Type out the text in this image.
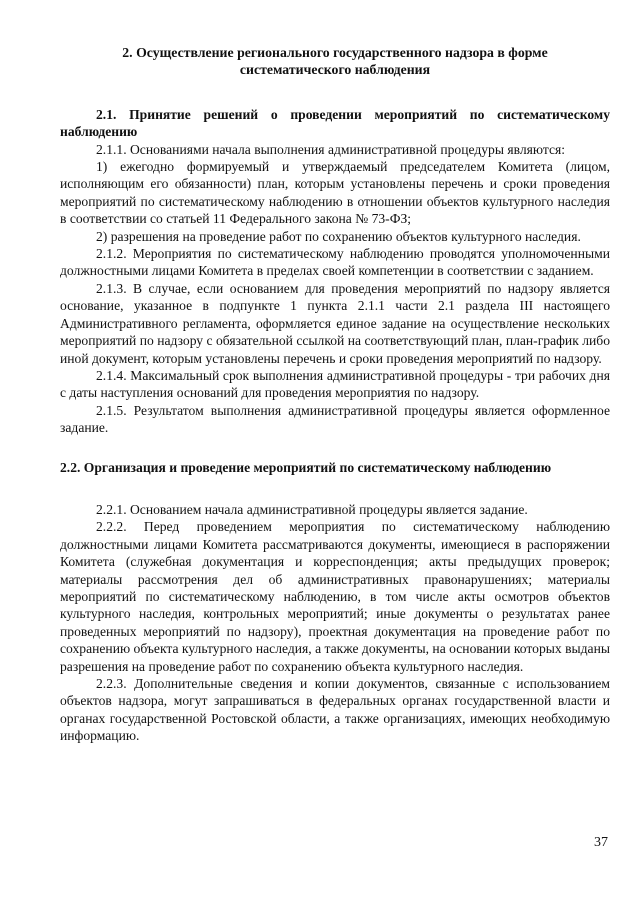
2. Осуществление регионального государственного надзора в форме
систематического наблюдения

2.1. Принятие решений о проведении мероприятий по систематическому наблюдению

2.1.1. Основаниями начала выполнения административной процедуры являются:

1) ежегодно формируемый и утверждаемый председателем Комитета (лицом, исполняющим его обязанности) план, которым установлены перечень и сроки проведения мероприятий по систематическому наблюдению в отношении объектов культурного наследия в соответствии со статьей 11 Федерального закона № 73-ФЗ;

2) разрешения на проведение работ по сохранению объектов культурного наследия.

2.1.2. Мероприятия по систематическому наблюдению проводятся уполномоченными должностными лицами Комитета в пределах своей компетенции в соответствии с заданием.

2.1.3. В случае, если основанием для проведения мероприятий по надзору является основание, указанное в подпункте 1 пункта 2.1.1 части 2.1 раздела III настоящего Административного регламента, оформляется единое задание на осуществление нескольких мероприятий по надзору с обязательной ссылкой на соответствующий план, план-график либо иной документ, которым установлены перечень и сроки проведения мероприятий по надзору.

2.1.4. Максимальный срок выполнения административной процедуры - три рабочих дня с даты наступления оснований для проведения мероприятия по надзору.

2.1.5. Результатом выполнения административной процедуры является оформленное задание.

2.2. Организация и проведение мероприятий по систематическому наблюдению

2.2.1. Основанием начала административной процедуры является задание.

2.2.2. Перед проведением мероприятия по систематическому наблюдению должностными лицами Комитета рассматриваются документы, имеющиеся в распоряжении Комитета (служебная документация и корреспонденция; акты предыдущих проверок; материалы рассмотрения дел об административных правонарушениях; материалы мероприятий по систематическому наблюдению, в том числе акты осмотров объектов культурного наследия, контрольных мероприятий; иные документы о результатах ранее проведенных мероприятий по надзору), проектная документация на проведение работ по сохранению объекта культурного наследия, а также документы, на основании которых выданы разрешения на проведение работ по сохранению объекта культурного наследия.

2.2.3. Дополнительные сведения и копии документов, связанные с использованием объектов надзора, могут запрашиваться в федеральных органах государственной власти и органах государственной Ростовской области, а также организациях, имеющих необходимую информацию.

37
